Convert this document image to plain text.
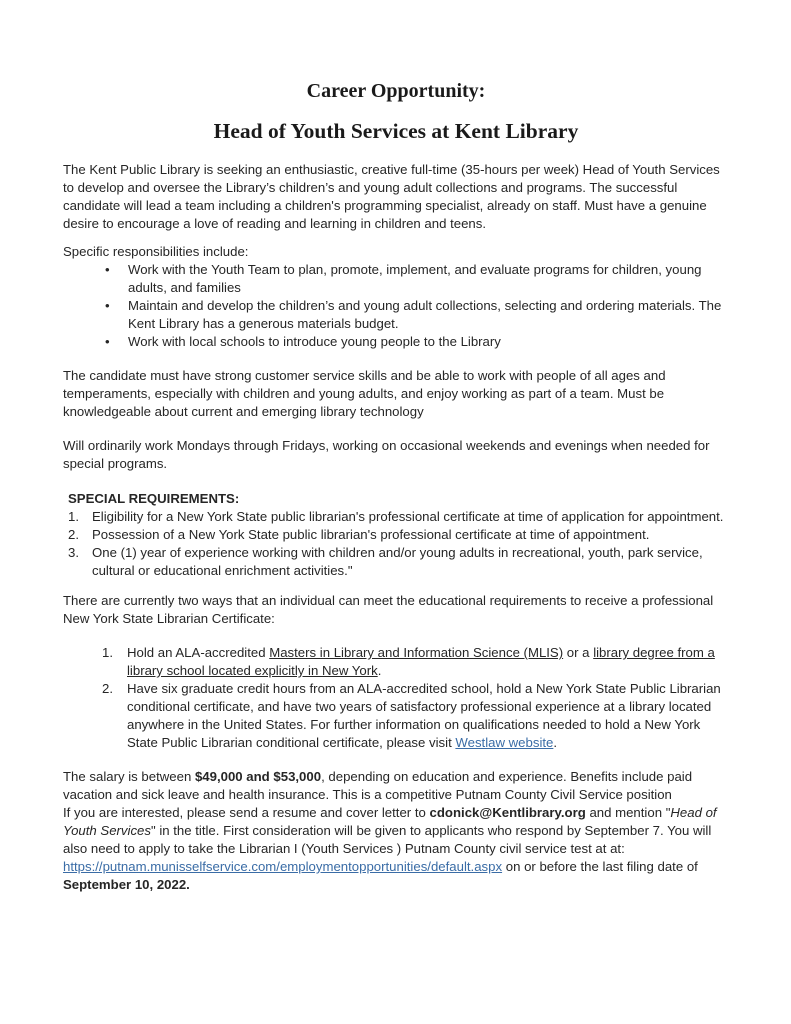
Career Opportunity:
Head of Youth Services at Kent Library

The Kent Public Library is seeking an enthusiastic, creative full-time (35-hours per week) Head of Youth Services to develop and oversee the Library’s children’s and young adult collections and programs. The successful candidate will lead a team including a children's programming specialist, already on staff. Must have a genuine desire to encourage a love of reading and learning in children and teens.

Specific responsibilities include:

• Work with the Youth Team to plan, promote, implement, and evaluate programs for children, young adults, and families
• Maintain and develop the children’s and young adult collections, selecting and ordering materials. The Kent Library has a generous materials budget.
• Work with local schools to introduce young people to the Library

The candidate must have strong customer service skills and be able to work with people of all ages and temperaments, especially with children and young adults, and enjoy working as part of a team. Must be knowledgeable about current and emerging library technology

Will ordinarily work Mondays through Fridays, working on occasional weekends and evenings when needed for special programs.

SPECIAL REQUIREMENTS:

1. Eligibility for a New York State public librarian's professional certificate at time of application for appointment.
2. Possession of a New York State public librarian's professional certificate at time of appointment.
3. One (1) year of experience working with children and/or young adults in recreational, youth, park service, cultural or educational enrichment activities."

There are currently two ways that an individual can meet the educational requirements to receive a professional New York State Librarian Certificate:

1. Hold an ALA-accredited Masters in Library and Information Science (MLIS) or a library degree from a library school located explicitly in New York.
2. Have six graduate credit hours from an ALA-accredited school, hold a New York State Public Librarian conditional certificate, and have two years of satisfactory professional experience at a library located anywhere in the United States. For further information on qualifications needed to hold a New York State Public Librarian conditional certificate, please visit Westlaw website.

The salary is between $49,000 and $53,000, depending on education and experience. Benefits include paid vacation and sick leave and health insurance. This is a competitive Putnam County Civil Service position

If you are interested, please send a resume and cover letter to cdonick@Kentlibrary.org and mention "Head of Youth Services" in the title. First consideration will be given to applicants who respond by September 7. You will also need to apply to take the Librarian I (Youth Services ) Putnam County civil service test at at: https://putnam.munisselfservice.com/employmentopportunities/default.aspx on or before the last filing date of September 10, 2022.
